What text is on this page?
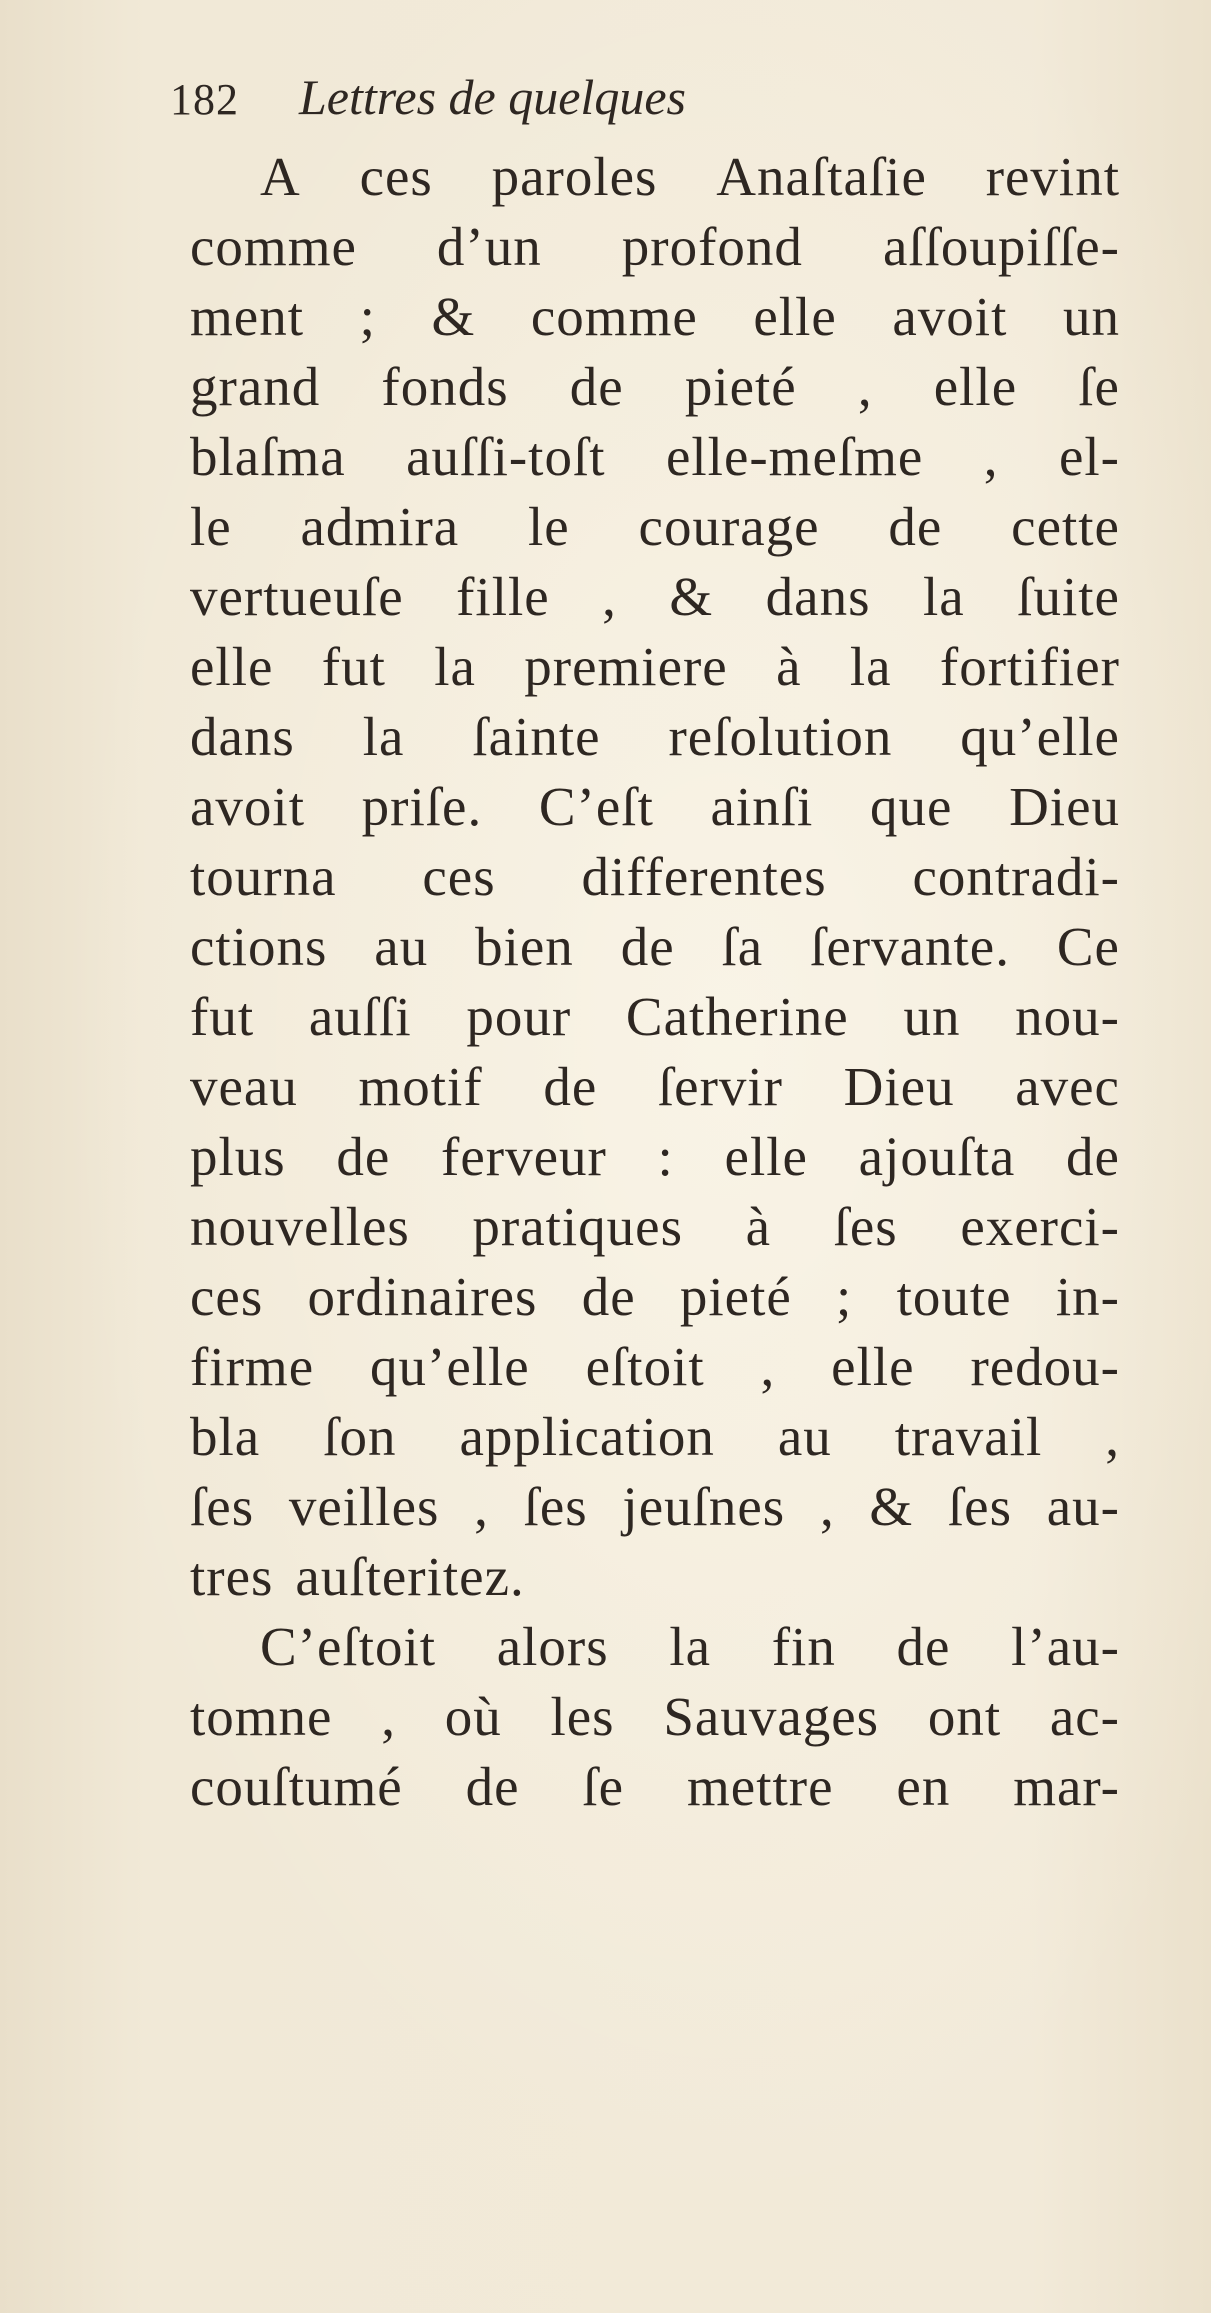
182 Lettres de quelques
A ces paroles Anaſtaſie revint
comme d’un profond aſſoupiſſe-
ment ; & comme elle avoit un
grand fonds de pieté , elle ſe
blaſma auſſi-toſt elle-meſme , el-
le admira le courage de cette
vertueuſe fille , & dans la ſuite
elle fut la premiere à la fortifier
dans la ſainte reſolution qu’elle
avoit priſe. C’eſt ainſi que Dieu
tourna ces differentes contradi-
ctions au bien de ſa ſervante. Ce
fut auſſi pour Catherine un nou-
veau motif de ſervir Dieu avec
plus de ferveur : elle ajouſta de
nouvelles pratiques à ſes exerci-
ces ordinaires de pieté ; toute in-
firme qu’elle eſtoit , elle redou-
bla ſon application au travail ,
ſes veilles , ſes jeuſnes , & ſes au-
tres auſteritez.
C’eſtoit alors la fin de l’au-
tomne , où les Sauvages ont ac-
couſtumé de ſe mettre en mar-
